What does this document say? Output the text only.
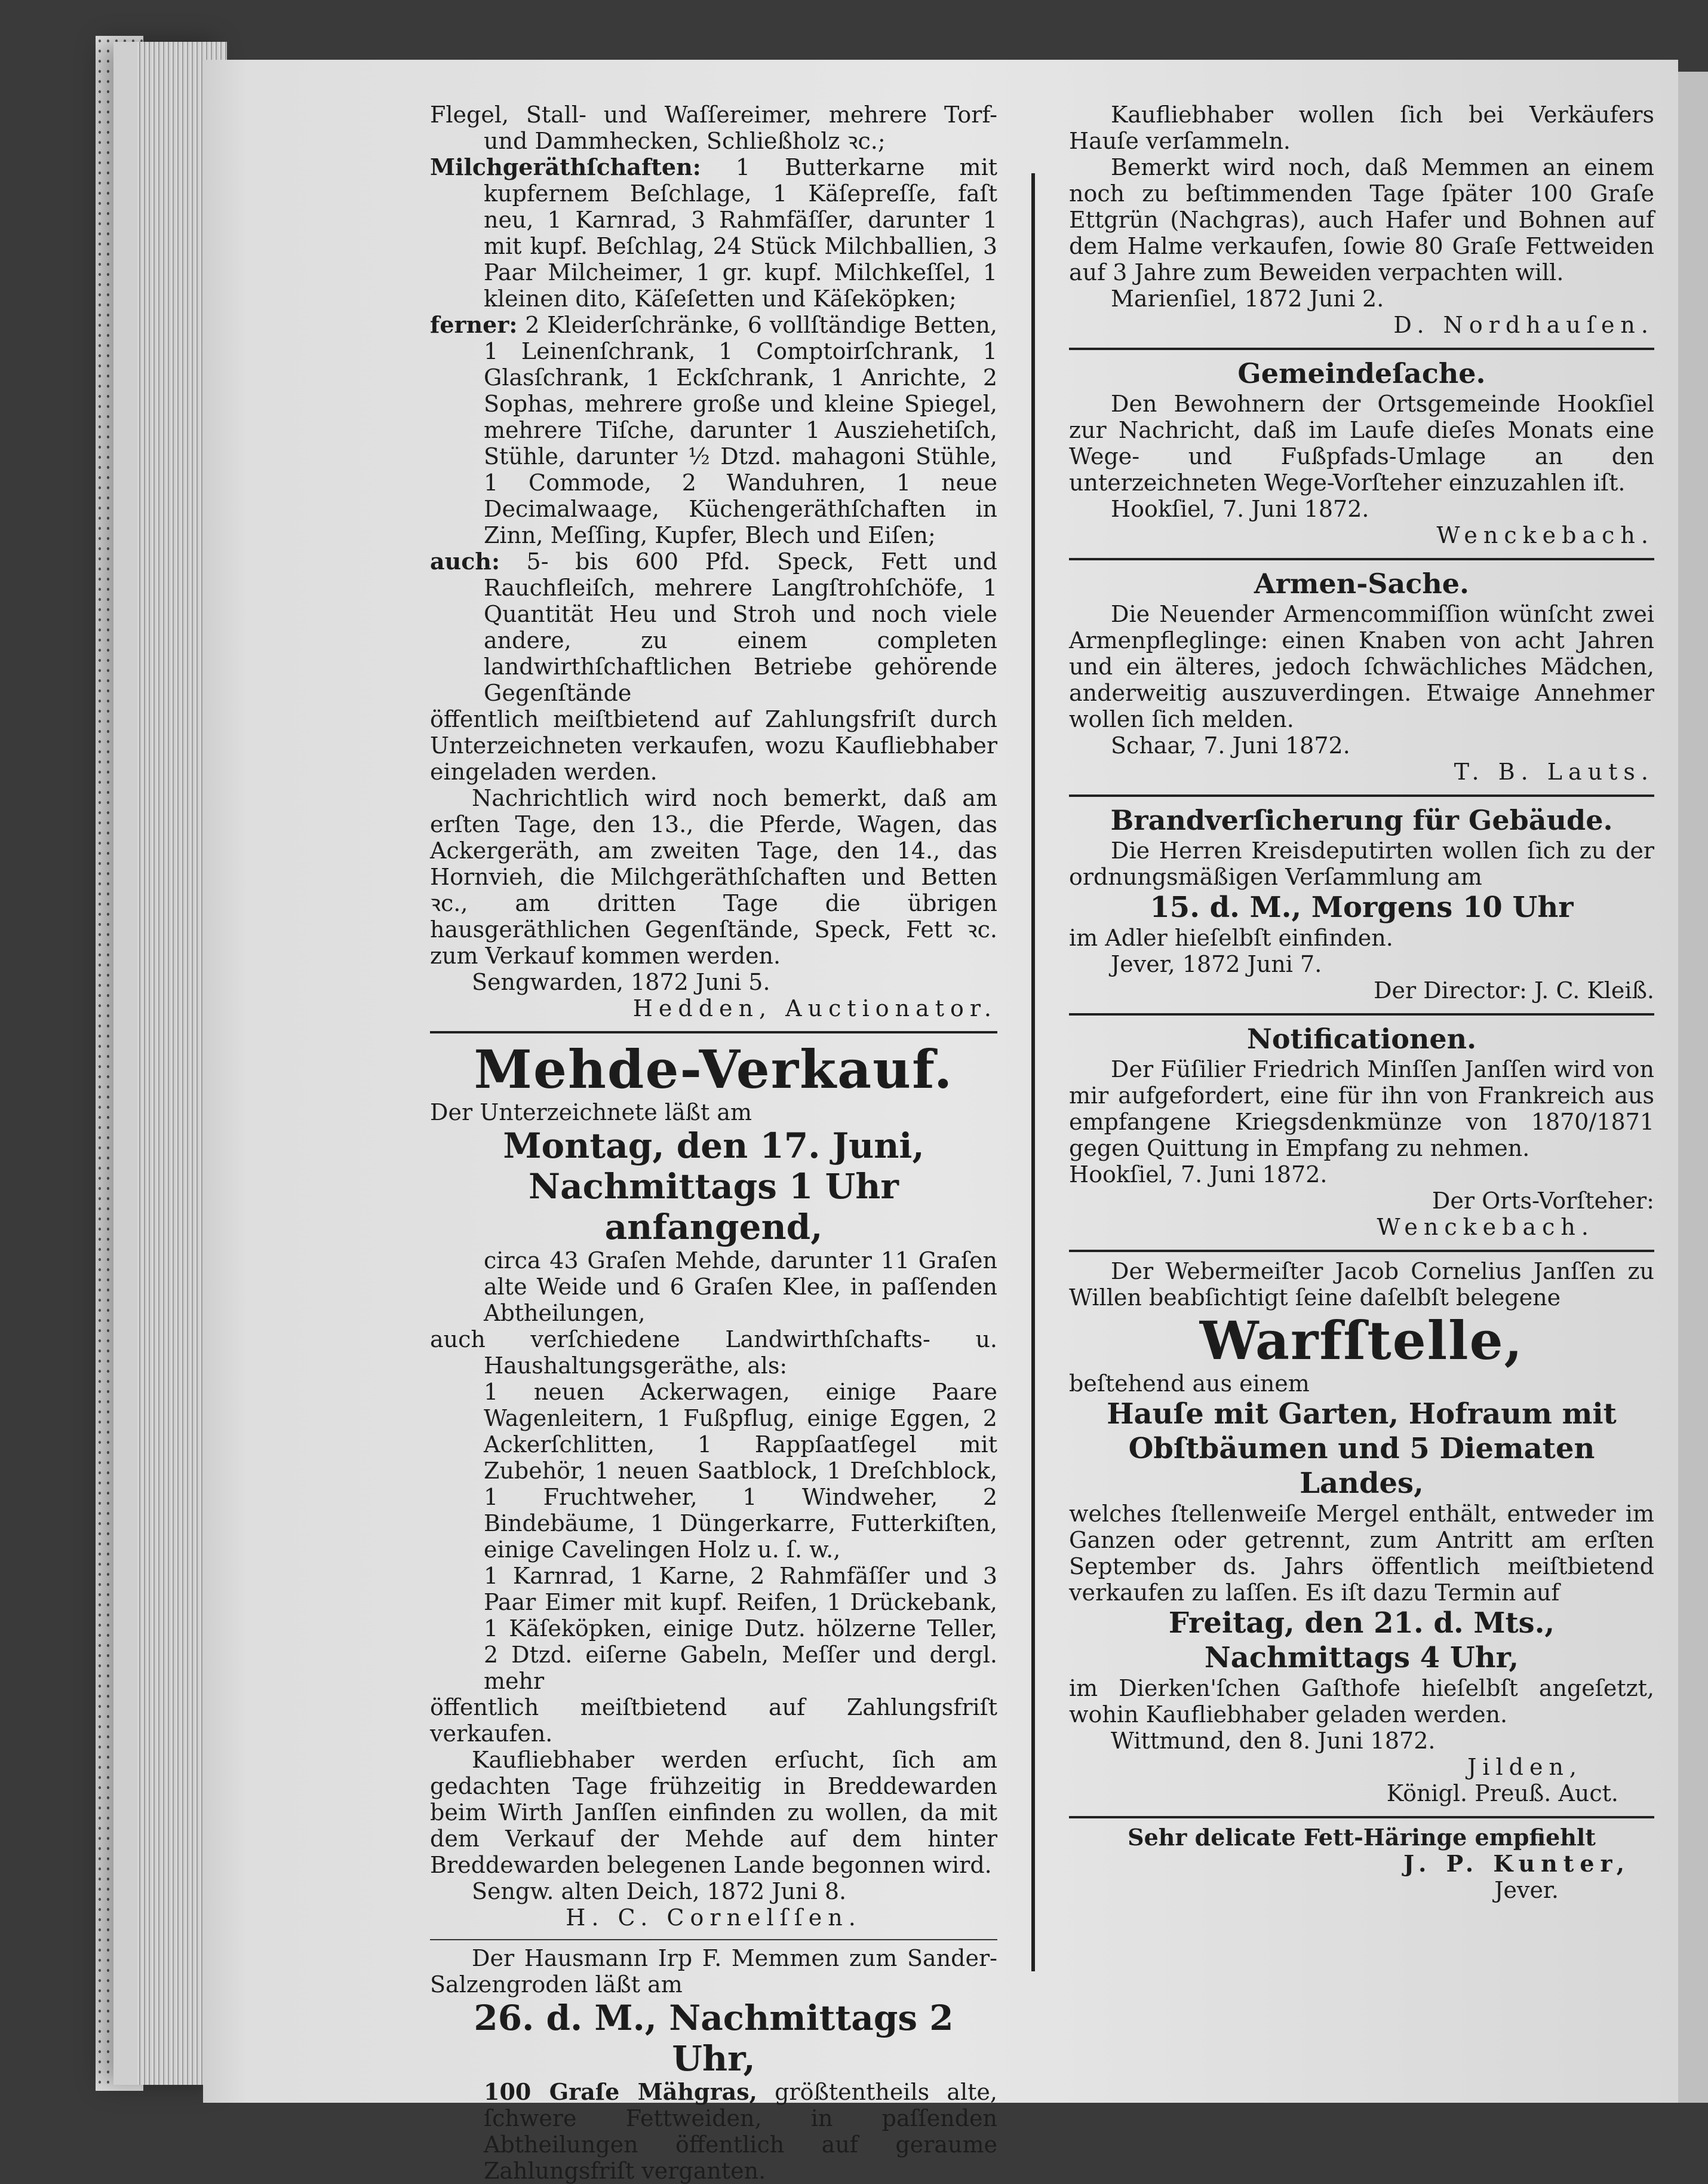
Flegel, Stall- und Waſſereimer, mehrere Torf- und Dammhecken, Schließholz ꝛc.;

Milchgeräthſchaften: 1 Butterkarne mit kupfernem Beſchlage, 1 Käſepreſſe, faſt neu, 1 Karnrad, 3 Rahmfäſſer, darunter 1 mit kupf. Beſchlag, 24 Stück Milchballien, 3 Paar Milcheimer, 1 gr. kupf. Milchkeſſel, 1 kleinen dito, Käſeſetten und Käſeköpken;

ferner: 2 Kleiderſchränke, 6 vollſtändige Betten, 1 Leinenſchrank, 1 Comptoirſchrank, 1 Glasſchrank, 1 Eckſchrank, 1 Anrichte, 2 Sophas, mehrere große und kleine Spiegel, mehrere Tiſche, darunter 1 Ausziehetiſch, Stühle, darunter ½ Dtzd. mahagoni Stühle, 1 Commode, 2 Wanduhren, 1 neue Decimalwaage, Küchengeräthſchaften in Zinn, Meſſing, Kupfer, Blech und Eiſen;

auch: 5- bis 600 Pfd. Speck, Fett und Rauchfleiſch, mehrere Langſtrohſchöfe, 1 Quantität Heu und Stroh und noch viele andere, zu einem completen landwirthſchaftlichen Betriebe gehörende Gegenſtände

öffentlich meiſtbietend auf Zahlungsfriſt durch Unterzeichneten verkaufen, wozu Kaufliebhaber eingeladen werden.

Nachrichtlich wird noch bemerkt, daß am erſten Tage, den 13., die Pferde, Wagen, das Ackergeräth, am zweiten Tage, den 14., das Hornvieh, die Milchgeräthſchaften und Betten ꝛc., am dritten Tage die übrigen hausgeräthlichen Gegenſtände, Speck, Fett ꝛc. zum Verkauf kommen werden.

Sengwarden, 1872 Juni 5.

Hedden, Auctionator.

Mehde-Verkauf.

Der Unterzeichnete läßt am

Montag, den 17. Juni,

Nachmittags 1 Uhr anfangend,

circa 43 Graſen Mehde, darunter 11 Graſen alte Weide und 6 Graſen Klee, in paſſenden Abtheilungen,

auch verſchiedene Landwirthſchafts- u. Haushaltungsgeräthe, als:

1 neuen Ackerwagen, einige Paare Wagenleitern, 1 Fußpflug, einige Eggen, 2 Ackerſchlitten, 1 Rappſaatſegel mit Zubehör, 1 neuen Saatblock, 1 Dreſchblock, 1 Fruchtweher, 1 Windweher, 2 Bindebäume, 1 Düngerkarre, Futterkiſten, einige Cavelingen Holz u. ſ. w.,

1 Karnrad, 1 Karne, 2 Rahmfäſſer und 3 Paar Eimer mit kupf. Reifen, 1 Drückebank, 1 Käſeköpken, einige Dutz. hölzerne Teller, 2 Dtzd. eiſerne Gabeln, Meſſer und dergl. mehr

öffentlich meiſtbietend auf Zahlungsfriſt verkaufen.

Kaufliebhaber werden erſucht, ſich am gedachten Tage frühzeitig in Breddewarden beim Wirth Janſſen einfinden zu wollen, da mit dem Verkauf der Mehde auf dem hinter Breddewarden belegenen Lande begonnen wird.

Sengw. alten Deich, 1872 Juni 8.

H. C. Cornelſſen.

Der Hausmann Irp F. Memmen zum Sander-Salzengroden läßt am

26. d. M., Nachmittags 2 Uhr,

100 Graſe Mähgras, größtentheils alte, ſchwere Fettweiden, in paſſenden Abtheilungen öffentlich auf geraume Zahlungsfriſt verganten.

Kaufliebhaber wollen ſich bei Verkäufers Hauſe verſammeln.

Bemerkt wird noch, daß Memmen an einem noch zu beſtimmenden Tage ſpäter 100 Graſe Ettgrün (Nachgras), auch Hafer und Bohnen auf dem Halme verkaufen, ſowie 80 Graſe Fettweiden auf 3 Jahre zum Beweiden verpachten will.

Marienſiel, 1872 Juni 2.

D. Nordhauſen.

Gemeindeſache.

Den Bewohnern der Ortsgemeinde Hookſiel zur Nachricht, daß im Laufe dieſes Monats eine Wege- und Fußpfads-Umlage an den unterzeichneten Wege-Vorſteher einzuzahlen iſt.

Hookſiel, 7. Juni 1872.

Wenckebach.

Armen-Sache.

Die Neuender Armencommiſſion wünſcht zwei Armenpfleglinge: einen Knaben von acht Jahren und ein älteres, jedoch ſchwächliches Mädchen, anderweitig auszuverdingen. Etwaige Annehmer wollen ſich melden.

Schaar, 7. Juni 1872.

T. B. Lauts.

Brandverſicherung für Gebäude.

Die Herren Kreisdeputirten wollen ſich zu der ordnungsmäßigen Verſammlung am

15. d. M., Morgens 10 Uhr

im Adler hieſelbſt einfinden.

Jever, 1872 Juni 7.

Der Director: J. C. Kleiß.

Notificationen.

Der Füſilier Friedrich Minſſen Janſſen wird von mir aufgefordert, eine für ihn von Frankreich aus empfangene Kriegsdenkmünze von 1870/1871 gegen Quittung in Empfang zu nehmen.

Hookſiel, 7. Juni 1872.

Der Orts-Vorſteher:

Wenckebach.

Der Webermeiſter Jacob Cornelius Janſſen zu Willen beabſichtigt ſeine daſelbſt belegene

Warfſtelle,

beſtehend aus einem

Hauſe mit Garten, Hofraum mit Obſtbäumen und 5 Diematen Landes,

welches ſtellenweiſe Mergel enthält, entweder im Ganzen oder getrennt, zum Antritt am erſten September ds. Jahrs öffentlich meiſtbietend verkaufen zu laſſen. Es iſt dazu Termin auf

Freitag, den 21. d. Mts.,

Nachmittags 4 Uhr,

im Dierken'ſchen Gaſthofe hieſelbſt angeſetzt, wohin Kaufliebhaber geladen werden.

Wittmund, den 8. Juni 1872.

Jilden,

Königl. Preuß. Auct.

Sehr delicate Fett-Häringe empfiehlt

J. P. Kunter,

Jever.
